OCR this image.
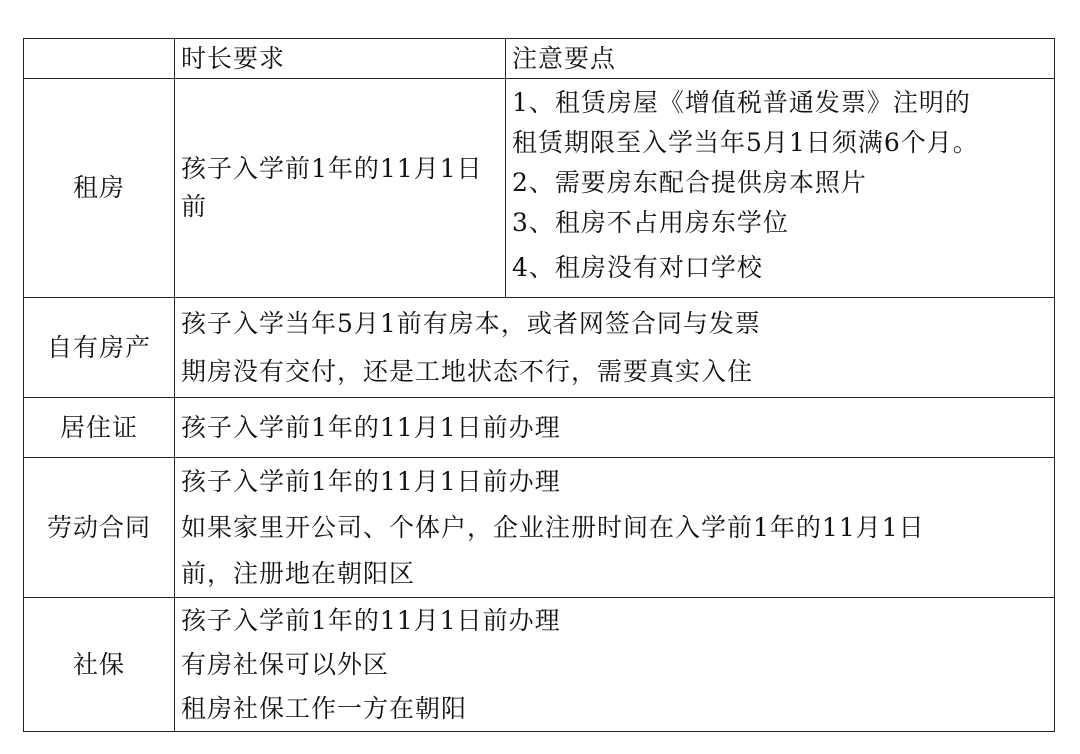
	时长要求	注意要点
租房	孩子入学前1年的11月1日前	1、租赁房屋《增值税普通发票》注明的
租赁期限至入学当年5月1日须满6个月。
2、需要房东配合提供房本照片
3、租房不占用房东学位
4、租房没有对口学校

自有房产	孩子入学当年5月1前有房本，或者网签合同与发票
期房没有交付，还是工地状态不行，需要真实入住	

居住证	孩子入学前1年的11月1日前办理	

劳动合同	孩子入学前1年的11月1日前办理
如果家里开公司、个体户，企业注册时间在入学前1年的11月1日
前，注册地在朝阳区	

社保	孩子入学前1年的11月1日前办理
有房社保可以外区
租房社保工作一方在朝阳	
